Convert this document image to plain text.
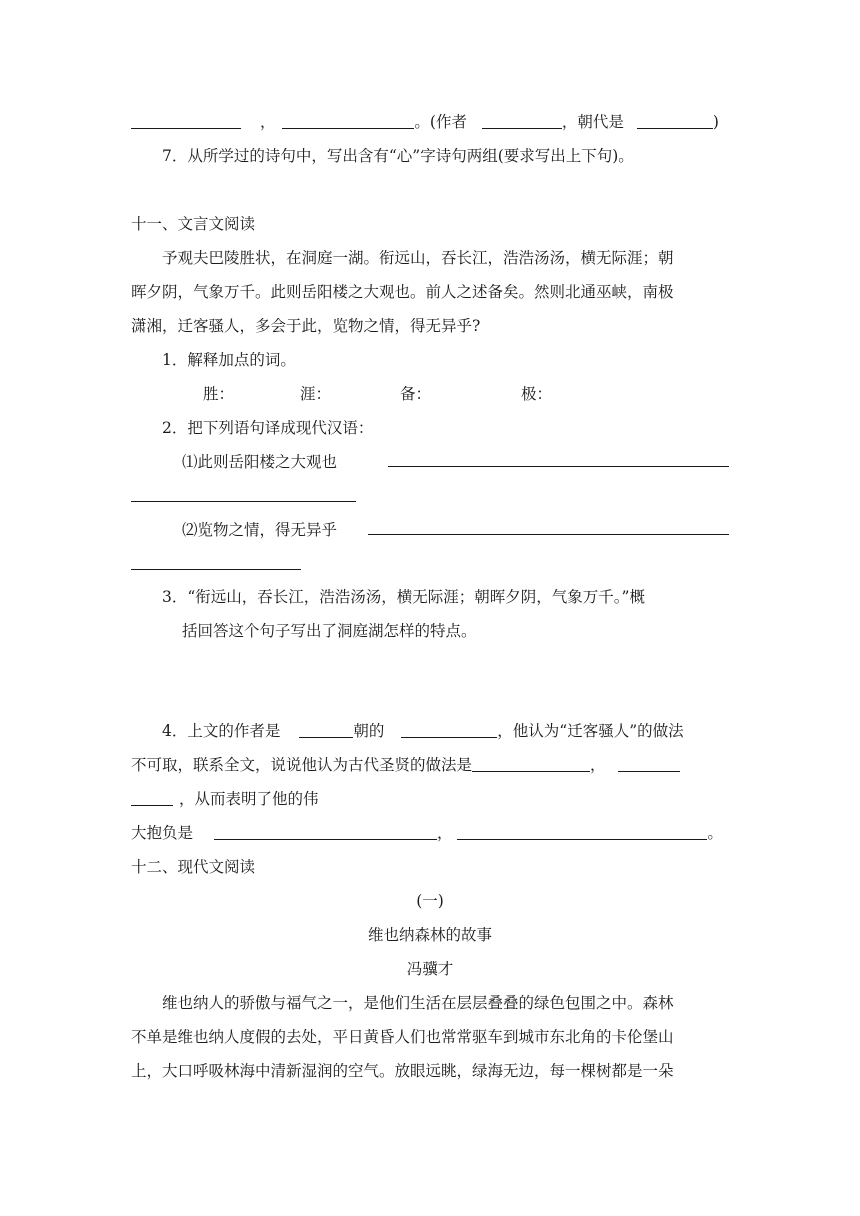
，	。(作者	，朝代是	)
7．从所学过的诗句中，写出含有“心”字诗句两组(要求写出上下句)。
十一、文言文阅读
予观夫巴陵胜状，在洞庭一湖。衔远山，吞长江，浩浩汤汤，横无际涯；朝
晖夕阴，气象万千。此则岳阳楼之大观也。前人之述备矣。然则北通巫峡，南极
潇湘，迁客骚人，多会于此，览物之情，得无异乎?
1．解释加点的词。
胜：	涯：	备：	极：
2．把下列语句译成现代汉语：
⑴此则岳阳楼之大观也
⑵览物之情，得无异乎
3．“衔远山，吞长江，浩浩汤汤，横无际涯；朝晖夕阴，气象万千。”概
括回答这个句子写出了洞庭湖怎样的特点。
4．上文的作者是	朝的	，他认为“迁客骚人”的做法
不可取，联系全文，说说他认为古代圣贤的做法是	，
，从而表明了他的伟
大抱负是	，	。
十二、现代文阅读
(一)
维也纳森林的故事
冯骥才
维也纳人的骄傲与福气之一，是他们生活在层层叠叠的绿色包围之中。森林
不单是维也纳人度假的去处，平日黄昏人们也常常驱车到城市东北角的卡伦堡山
上，大口呼吸林海中清新湿润的空气。放眼远眺，绿海无边，每一棵树都是一朵
